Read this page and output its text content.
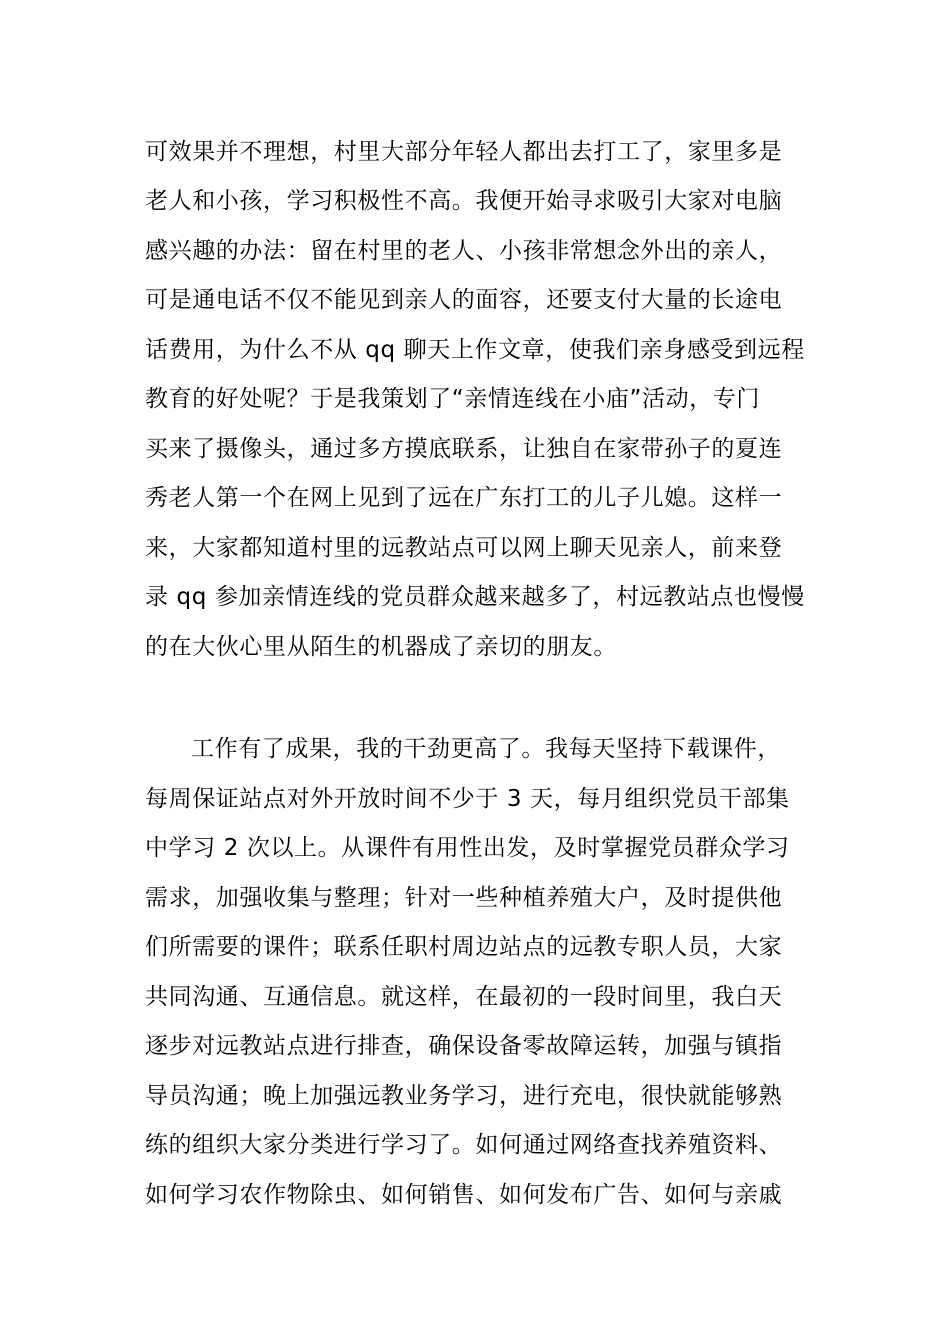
可效果并不理想，村里大部分年轻人都出去打工了，家里多是
老人和小孩，学习积极性不高。我便开始寻求吸引大家对电脑
感兴趣的办法：留在村里的老人、小孩非常想念外出的亲人，
可是通电话不仅不能见到亲人的面容，还要支付大量的长途电
话费用，为什么不从 qq 聊天上作文章，使我们亲身感受到远程
教育的好处呢？于是我策划了“亲情连线在小庙”活动，专门
买来了摄像头，通过多方摸底联系，让独自在家带孙子的夏连
秀老人第一个在网上见到了远在广东打工的儿子儿媳。这样一
来，大家都知道村里的远教站点可以网上聊天见亲人，前来登
录 qq 参加亲情连线的党员群众越来越多了，村远教站点也慢慢
的在大伙心里从陌生的机器成了亲切的朋友。
工作有了成果，我的干劲更高了。我每天坚持下载课件，
每周保证站点对外开放时间不少于 3 天，每月组织党员干部集
中学习 2 次以上。从课件有用性出发，及时掌握党员群众学习
需求，加强收集与整理；针对一些种植养殖大户，及时提供他
们所需要的课件；联系任职村周边站点的远教专职人员，大家
共同沟通、互通信息。就这样，在最初的一段时间里，我白天
逐步对远教站点进行排查，确保设备零故障运转，加强与镇指
导员沟通；晚上加强远教业务学习，进行充电，很快就能够熟
练的组织大家分类进行学习了。如何通过网络查找养殖资料、
如何学习农作物除虫、如何销售、如何发布广告、如何与亲戚
